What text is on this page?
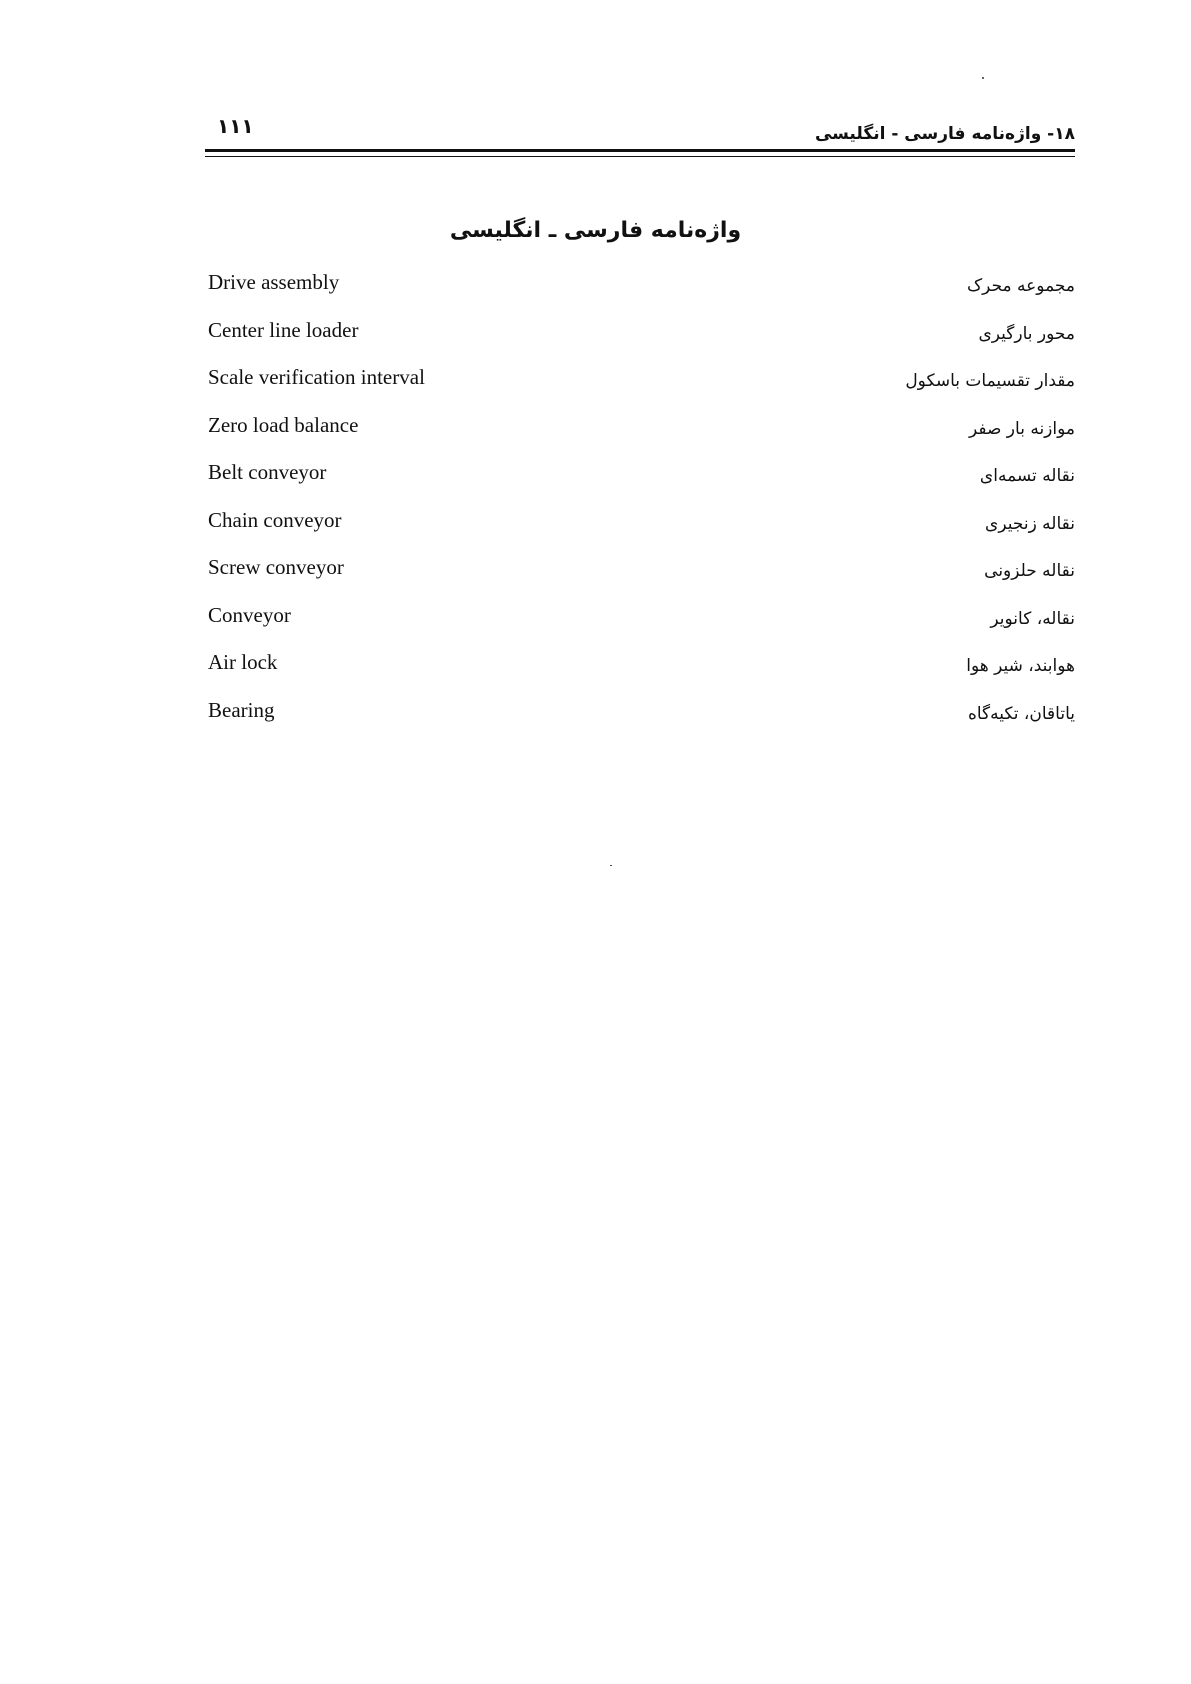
۱۱۱	۱۸- واژه‌نامه فارسی - انگلیسی
واژه‌نامه فارسی ـ انگلیسی
Drive assembly	مجموعه محرک
Center line loader	محور بارگیری
Scale verification interval	مقدار تقسیمات باسکول
Zero load balance	موازنه بار صفر
Belt conveyor	نقاله تسمه‌ای
Chain conveyor	نقاله زنجیری
Screw conveyor	نقاله حلزونی
Conveyor	نقاله، کانویر
Air lock	هوابند، شیر هوا
Bearing	یاتاقان، تکیه‌گاه
